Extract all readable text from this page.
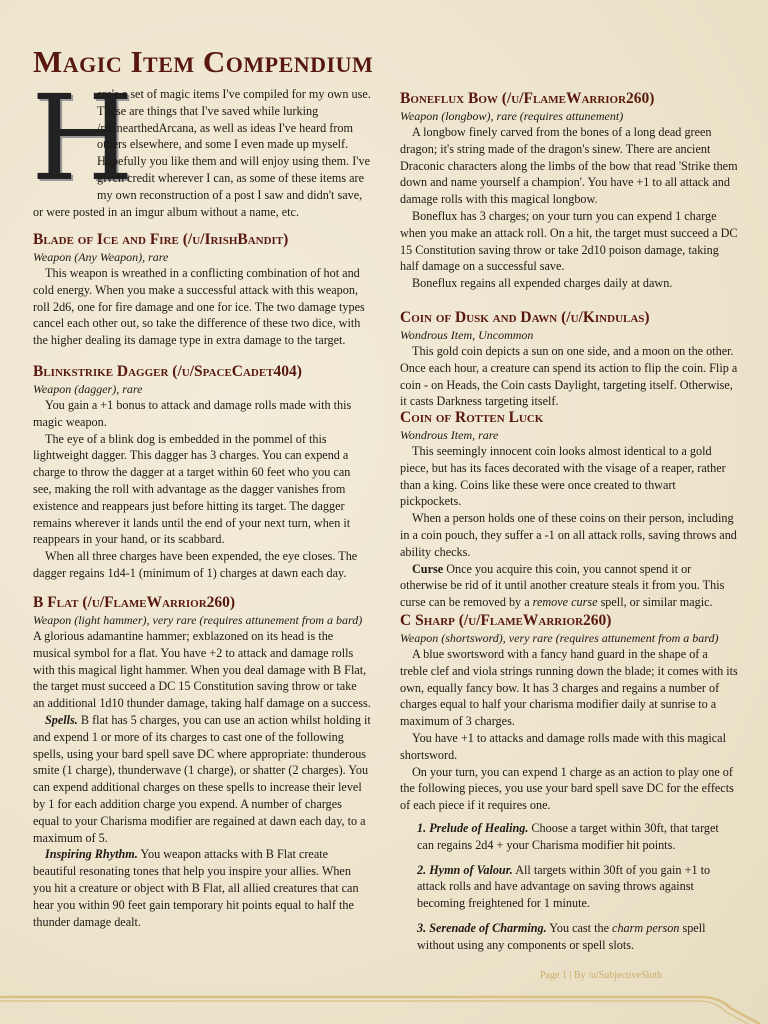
Magic Item Compendium
H

ere's a set of magic items I've compiled for my own use. These are things that I've saved while lurking /r/UnearthedArcana, as well as ideas I've heard from others elsewhere, and some I even made up myself. Hopefully you like them and will enjoy using them. I've given credit wherever I can, as some of these items are my own reconstruction of a post I saw and didn't save, or were posted in an imgur album without a name, etc.

Blade of Ice and Fire (/u/IrishBandit)
Weapon (Any Weapon), rare

This weapon is wreathed in a conflicting combination of hot and cold energy. When you make a successful attack with this weapon, roll 2d6, one for fire damage and one for ice. The two damage types cancel each other out, so take the difference of these two dice, with the higher dealing its damage type in extra damage to the target.

Blinkstrike Dagger (/u/SpaceCadet404)
Weapon (dagger), rare

You gain a +1 bonus to attack and damage rolls made with this magic weapon.

The eye of a blink dog is embedded in the pommel of this lightweight dagger. This dagger has 3 charges. You can expend a charge to throw the dagger at a target within 60 feet who you can see, making the roll with advantage as the dagger vanishes from existence and reappears just before hitting its target. The dagger remains wherever it lands until the end of your next turn, when it reappears in your hand, or its scabbard.

When all three charges have been expended, the eye closes. The dagger regains 1d4-1 (minimum of 1) charges at dawn each day.

B Flat (/u/FlameWarrior260)
Weapon (light hammer), very rare (requires attunement from a bard)

A glorious adamantine hammer; exblazoned on its head is the musical symbol for a flat. You have +2 to attack and damage rolls with this magical light hammer. When you deal damage with B Flat, the target must succeed a DC 15 Constitution saving throw or take an additional 1d10 thunder damage, taking half damage on a success.

Spells. B flat has 5 charges, you can use an action whilst holding it and expend 1 or more of its charges to cast one of the following spells, using your bard spell save DC where appropriate: thunderous smite (1 charge), thunderwave (1 charge), or shatter (2 charges). You can expend additional charges on these spells to increase their level by 1 for each addition charge you expend. A number of charges equal to your Charisma modifier are regained at dawn each day, to a maximum of 5.

Inspiring Rhythm. You weapon attacks with B Flat create beautiful resonating tones that help you inspire your allies. When you hit a creature or object with B Flat, all allied creatures that can hear you within 90 feet gain temporary hit points equal to half the thunder damage dealt.

Boneflux Bow (/u/FlameWarrior260)
Weapon (longbow), rare (requires attunement)

A longbow finely carved from the bones of a long dead green dragon; it's string made of the dragon's sinew. There are ancient Draconic characters along the limbs of the bow that read 'Strike them down and name yourself a champion'. You have +1 to all attack and damage rolls with this magical longbow.

Boneflux has 3 charges; on your turn you can expend 1 charge when you make an attack roll. On a hit, the target must succeed a DC 15 Constitution saving throw or take 2d10 poison damage, taking half damage on a successful save.

Boneflux regains all expended charges daily at dawn.

Coin of Dusk and Dawn (/u/Kindulas)
Wondrous Item, Uncommon

This gold coin depicts a sun on one side, and a moon on the other. Once each hour, a creature can spend its action to flip the coin. Flip a coin - on Heads, the Coin casts Daylight, targeting itself. Otherwise, it casts Darkness targeting itself.

Coin of Rotten Luck
Wondrous Item, rare

This seemingly innocent coin looks almost identical to a gold piece, but has its faces decorated with the visage of a reaper, rather than a king. Coins like these were once created to thwart pickpockets.

When a person holds one of these coins on their person, including in a coin pouch, they suffer a -1 on all attack rolls, saving throws and ability checks.

Curse Once you acquire this coin, you cannot spend it or otherwise be rid of it until another creature steals it from you. This curse can be removed by a remove curse spell, or similar magic.

C Sharp (/u/FlameWarrior260)
Weapon (shortsword), very rare (requires attunement from a bard)

A blue swortsword with a fancy hand guard in the shape of a treble clef and viola strings running down the blade; it comes with its own, equally fancy bow. It has 3 charges and regains a number of charges equal to half your charisma modifier daily at sunrise to a maximum of 3 charges.

You have +1 to attacks and damage rolls made with this magical shortsword.

On your turn, you can expend 1 charge as an action to play one of the following pieces, you use your bard spell save DC for the effects of each piece if it requires one.

1. Prelude of Healing. Choose a target within 30ft, that target can regains 2d4 + your Charisma modifier hit points.

2. Hymn of Valour. All targets within 30ft of you gain +1 to attack rolls and have advantage on saving throws against becoming freightened for 1 minute.

3. Serenade of Charming. You cast the charm person spell without using any components or spell slots.

Page 1 | By /u/SubjectiveSloth
